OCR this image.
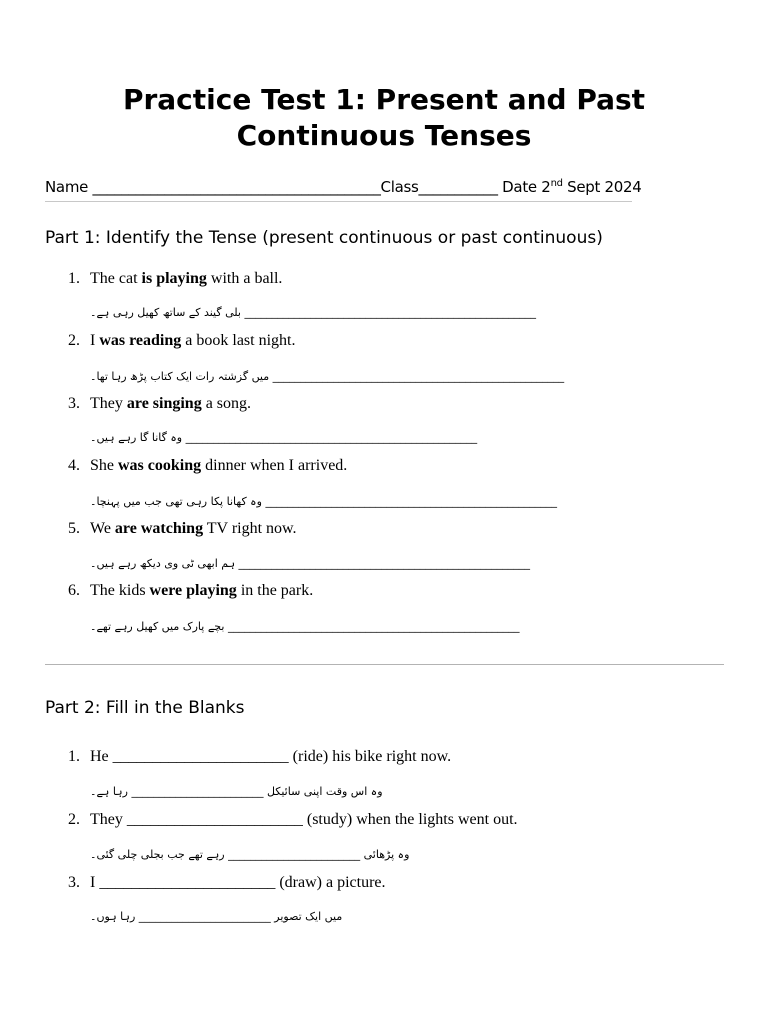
Practice Test 1: Present and Past
Continuous Tenses
Name ________________________________________Class___________ Date 2nd Sept 2024
Part 1: Identify the Tense (present continuous or past continuous)
1. The cat is playing with a ball.
بلی گیند کے ساتھ کھیل رہی ہے۔ _____________________________________________________
2. I was reading a book last night.
میں گزشتہ رات ایک کتاب پڑھ رہا تھا۔ _____________________________________________________
3. They are singing a song.
وہ گانا گا رہے ہیں۔ _____________________________________________________
4. She was cooking dinner when I arrived.
وہ کھانا پکا رہی تھی جب میں پہنچا۔ _____________________________________________________
5. We are watching TV right now.
ہم ابھی ٹی وی دیکھ رہے ہیں۔ _____________________________________________________
6. The kids were playing in the park.
بچے پارک میں کھیل رہے تھے۔ _____________________________________________________
Part 2: Fill in the Blanks
1. He ______________________ (ride) his bike right now.
رہا ہے۔ ________________________ وہ اس وقت اپنی سائیکل
2. They ______________________ (study) when the lights went out.
رہے تھے جب بجلی چلی گئی۔ ________________________ وہ پڑھائی
3. I ______________________ (draw) a picture.
رہا ہوں۔ ________________________ میں ایک تصویر
